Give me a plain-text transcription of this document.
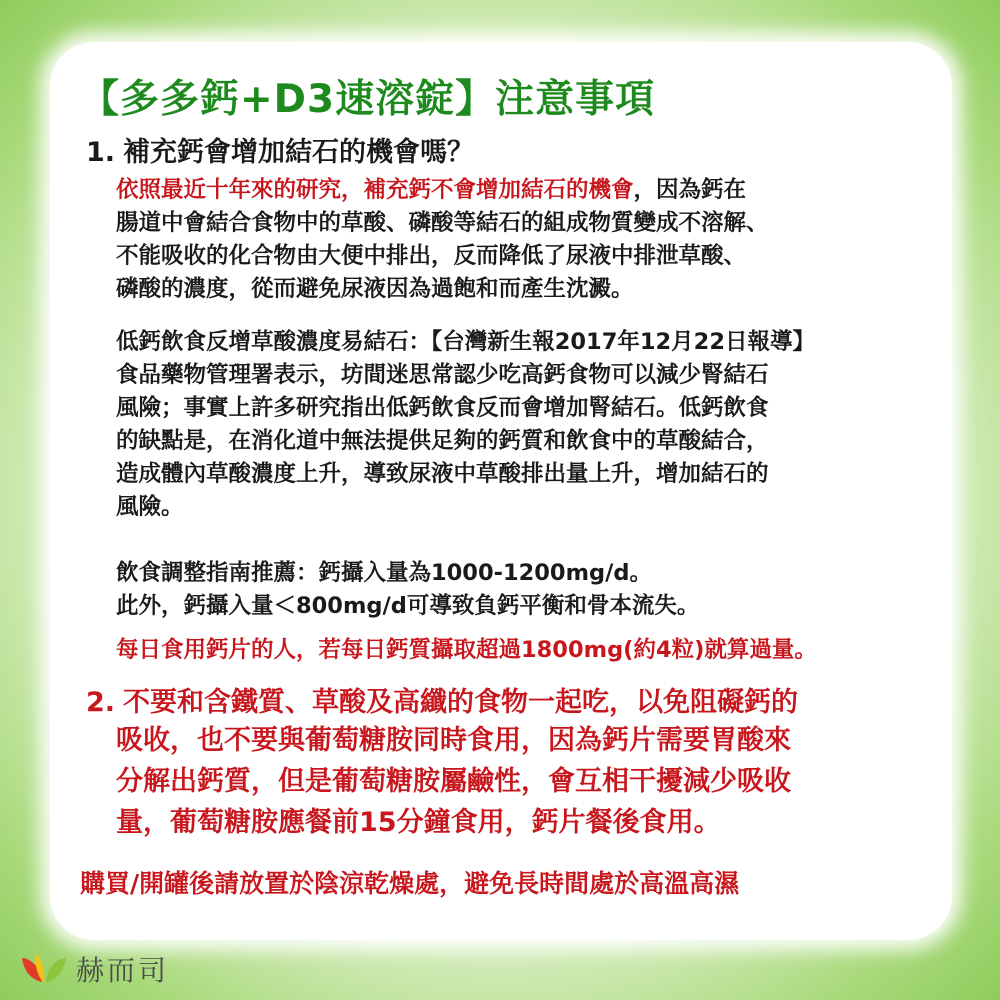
【多多鈣+D3速溶錠】注意事項

1. 補充鈣會增加結石的機會嗎？

依照最近十年來的研究，補充鈣不會增加結石的機會，因為鈣在
腸道中會結合食物中的草酸、磷酸等結石的組成物質變成不溶解、
不能吸收的化合物由大便中排出，反而降低了尿液中排泄草酸、
磷酸的濃度，從而避免尿液因為過飽和而產生沈澱。
低鈣飲食反增草酸濃度易結石：【台灣新生報2017年12月22日報導】
食品藥物管理署表示，坊間迷思常認少吃高鈣食物可以減少腎結石
風險；事實上許多研究指出低鈣飲食反而會增加腎結石。低鈣飲食
的缺點是，在消化道中無法提供足夠的鈣質和飲食中的草酸結合，
造成體內草酸濃度上升，導致尿液中草酸排出量上升，增加結石的
風險。
飲食調整指南推薦：鈣攝入量為1000-1200mg/d。
此外，鈣攝入量＜800mg/d可導致負鈣平衡和骨本流失。
每日食用鈣片的人，若每日鈣質攝取超過1800mg(約4粒)就算過量。

2. 不要和含鐵質、草酸及高纖的食物一起吃，以免阻礙鈣的

吸收，也不要與葡萄糖胺同時食用，因為鈣片需要胃酸來
分解出鈣質，但是葡萄糖胺屬鹼性，會互相干擾減少吸收
量，葡萄糖胺應餐前15分鐘食用，鈣片餐後食用。

購買/開罐後請放置於陰涼乾燥處，避免長時間處於高溫高濕

赫而司
